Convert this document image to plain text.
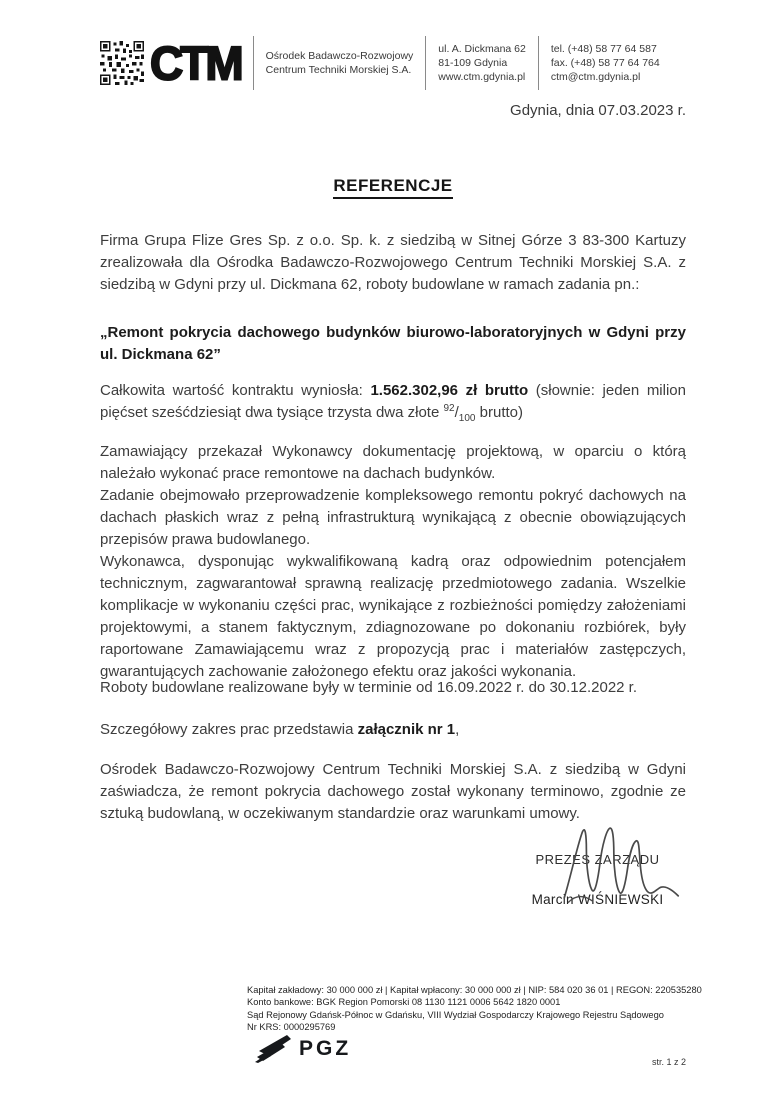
CTM Ośrodek Badawczo-Rozwojowy
Centrum Techniki Morskiej S.A.
ul. A. Dickmana 62
81-109 Gdynia
www.ctm.gdynia.pl
tel. (+48) 58 77 64 587
fax. (+48) 58 77 64 764
ctm@ctm.gdynia.pl
Gdynia, dnia 07.03.2023 r.
REFERENCJE
Firma Grupa Flize Gres Sp. z o.o. Sp. k. z siedzibą w Sitnej Górze 3 83-300 Kartuzy zrealizowała dla Ośrodka Badawczo-Rozwojowego Centrum Techniki Morskiej S.A. z siedzibą w Gdyni przy ul. Dickmana 62, roboty budowlane w ramach zadania pn.:
„Remont pokrycia dachowego budynków biurowo-laboratoryjnych w Gdyni przy ul. Dickmana 62”
Całkowita wartość kontraktu wyniosła: 1.562.302,96 zł brutto (słownie: jeden milion pięćset sześćdziesiąt dwa tysiące trzysta dwa złote $^{92}/_{100}$ brutto)
Zamawiający przekazał Wykonawcy dokumentację projektową, w oparciu o którą należało wykonać prace remontowe na dachach budynków.
Zadanie obejmowało przeprowadzenie kompleksowego remontu pokryć dachowych na dachach płaskich wraz z pełną infrastrukturą wynikającą z obecnie obowiązujących przepisów prawa budowlanego.
Wykonawca, dysponując wykwalifikowaną kadrą oraz odpowiednim potencjałem technicznym, zagwarantował sprawną realizację przedmiotowego zadania. Wszelkie komplikacje w wykonaniu części prac, wynikające z rozbieżności pomiędzy założeniami projektowymi, a stanem faktycznym, zdiagnozowane po dokonaniu rozbiórek, były raportowane Zamawiającemu wraz z propozycją prac i materiałów zastępczych, gwarantujących zachowanie założonego efektu oraz jakości wykonania.
Roboty budowlane realizowane były w terminie od 16.09.2022 r. do 30.12.2022 r.
Szczegółowy zakres prac przedstawia załącznik nr 1,
Ośrodek Badawczo-Rozwojowy Centrum Techniki Morskiej S.A. z siedzibą w Gdyni zaświadcza, że remont pokrycia dachowego został wykonany terminowo, zgodnie ze sztuką budowlaną, w oczekiwanym standardzie oraz warunkami umowy.
PREZES ZARZĄDU
Marcin WIŚNIEWSKI
Kapitał zakładowy: 30 000 000 zł | Kapitał wpłacony: 30 000 000 zł | NIP: 584 020 36 01 | REGON: 220535280
Konto bankowe: BGK Region Pomorski 08 1130 1121 0006 5642 1820 0001
Sąd Rejonowy Gdańsk-Północ w Gdańsku, VIII Wydział Gospodarczy Krajowego Rejestru Sądowego
Nr KRS: 0000295769
PGZ
str. 1 z 2
